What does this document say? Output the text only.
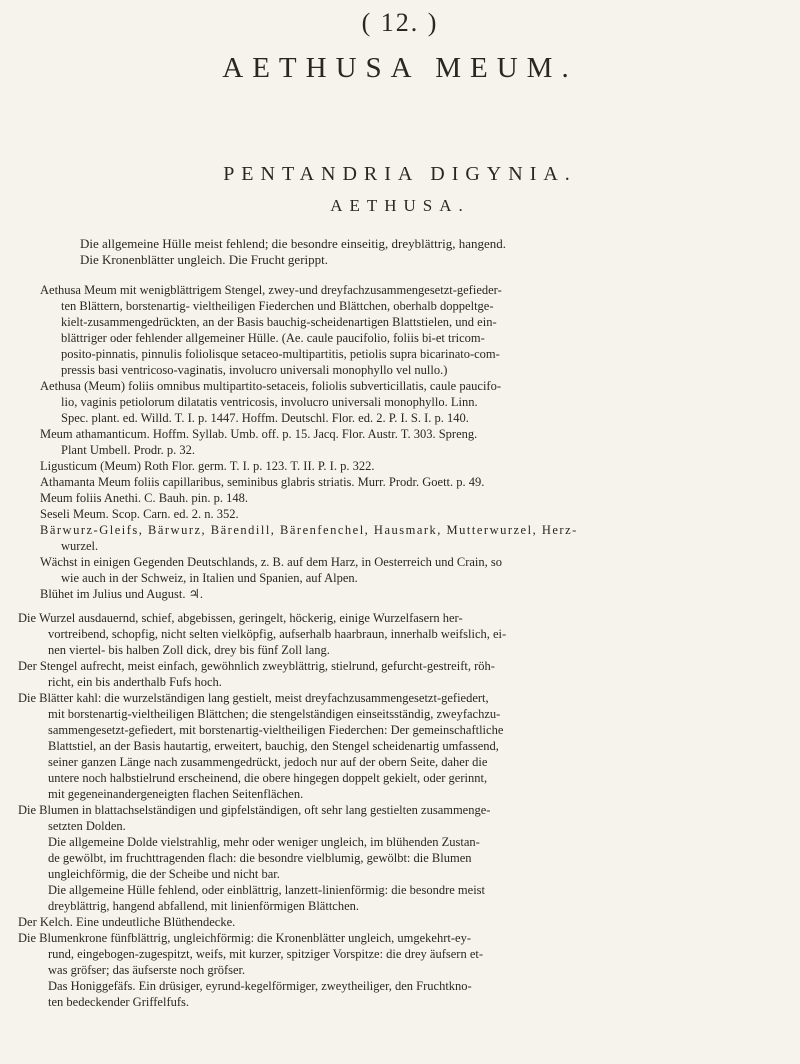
( 12. )
AETHUSA MEUM.
PENTANDRIA DIGYNIA.
AETHUSA.

Die allgemeine Hülle meist fehlend; die besondre einseitig, dreyblättrig, hangend.

Die Kronenblätter ungleich. Die Frucht gerippt.

Aethusa Meum mit wenigblättrigem Stengel, zwey-und dreyfachzusammengesetzt-gefieder-

ten Blättern, borstenartig- vieltheiligen Fiederchen und Blättchen, oberhalb doppeltge-

kielt-zusammengedrückten, an der Basis bauchig-scheidenartigen Blattstielen, und ein-

blättriger oder fehlender allgemeiner Hülle. (Ae. caule paucifolio, foliis bi-et tricom-

posito-pinnatis, pinnulis foliolisque setaceo-multipartitis, petiolis supra bicarinato-com-

pressis basi ventricoso-vaginatis, involucro universali monophyllo vel nullo.)

Aethusa (Meum) foliis omnibus multipartito-setaceis, foliolis subverticillatis, caule paucifo-

lio, vaginis petiolorum dilatatis ventricosis, involucro universali monophyllo. Linn.

Spec. plant. ed. Willd. T. I. p. 1447. Hoffm. Deutschl. Flor. ed. 2. P. I. S. I. p. 140.

Meum athamanticum. Hoffm. Syllab. Umb. off. p. 15. Jacq. Flor. Austr. T. 303. Spreng.

Plant Umbell. Prodr. p. 32.

Ligusticum (Meum) Roth Flor. germ. T. I. p. 123. T. II. P. I. p. 322.

Athamanta Meum foliis capillaribus, seminibus glabris striatis. Murr. Prodr. Goett. p. 49.

Meum foliis Anethi. C. Bauh. pin. p. 148.

Seseli Meum. Scop. Carn. ed. 2. n. 352.

Bärwurz-Gleifs, Bärwurz, Bärendill, Bärenfenchel, Hausmark, Mutterwurzel, Herz-

wurzel.

Wächst in einigen Gegenden Deutschlands, z. B. auf dem Harz, in Oesterreich und Crain, so

wie auch in der Schweiz, in Italien und Spanien, auf Alpen.

Blühet im Julius und August. ♃.

Die Wurzel ausdauernd, schief, abgebissen, geringelt, höckerig, einige Wurzelfasern her-

vortreibend, schopfig, nicht selten vielköpfig, aufserhalb haarbraun, innerhalb weifslich, ei-

nen viertel- bis halben Zoll dick, drey bis fünf Zoll lang.

Der Stengel aufrecht, meist einfach, gewöhnlich zweyblättrig, stielrund, gefurcht-gestreift, röh-

richt, ein bis anderthalb Fufs hoch.

Die Blätter kahl: die wurzelständigen lang gestielt, meist dreyfachzusammengesetzt-gefiedert,

mit borstenartig-vieltheiligen Blättchen; die stengelständigen einseitsständig, zweyfachzu-

sammengesetzt-gefiedert, mit borstenartig-vieltheiligen Fiederchen: Der gemeinschaftliche

Blattstiel, an der Basis hautartig, erweitert, bauchig, den Stengel scheidenartig umfassend,

seiner ganzen Länge nach zusammengedrückt, jedoch nur auf der obern Seite, daher die

untere noch halbstielrund erscheinend, die obere hingegen doppelt gekielt, oder gerinnt,

mit gegeneinandergeneigten flachen Seitenflächen.

Die Blumen in blattachselständigen und gipfelständigen, oft sehr lang gestielten zusammenge-

setzten Dolden.

Die allgemeine Dolde vielstrahlig, mehr oder weniger ungleich, im blühenden Zustan-

de gewölbt, im fruchttragenden flach: die besondre vielblumig, gewölbt: die Blumen

ungleichförmig, die der Scheibe und nicht bar.

Die allgemeine Hülle fehlend, oder einblättrig, lanzett-linienförmig: die besondre meist

dreyblättrig, hangend abfallend, mit linienförmigen Blättchen.

Der Kelch. Eine undeutliche Blüthendecke.

Die Blumenkrone fünfblättrig, ungleichförmig: die Kronenblätter ungleich, umgekehrt-ey-

rund, eingebogen-zugespitzt, weifs, mit kurzer, spitziger Vorspitze: die drey äufsern et-

was gröfser; das äufserste noch gröfser.

Das Honiggefäfs. Ein drüsiger, eyrund-kegelförmiger, zweytheiliger, den Fruchtkno-

ten bedeckender Griffelfufs.
